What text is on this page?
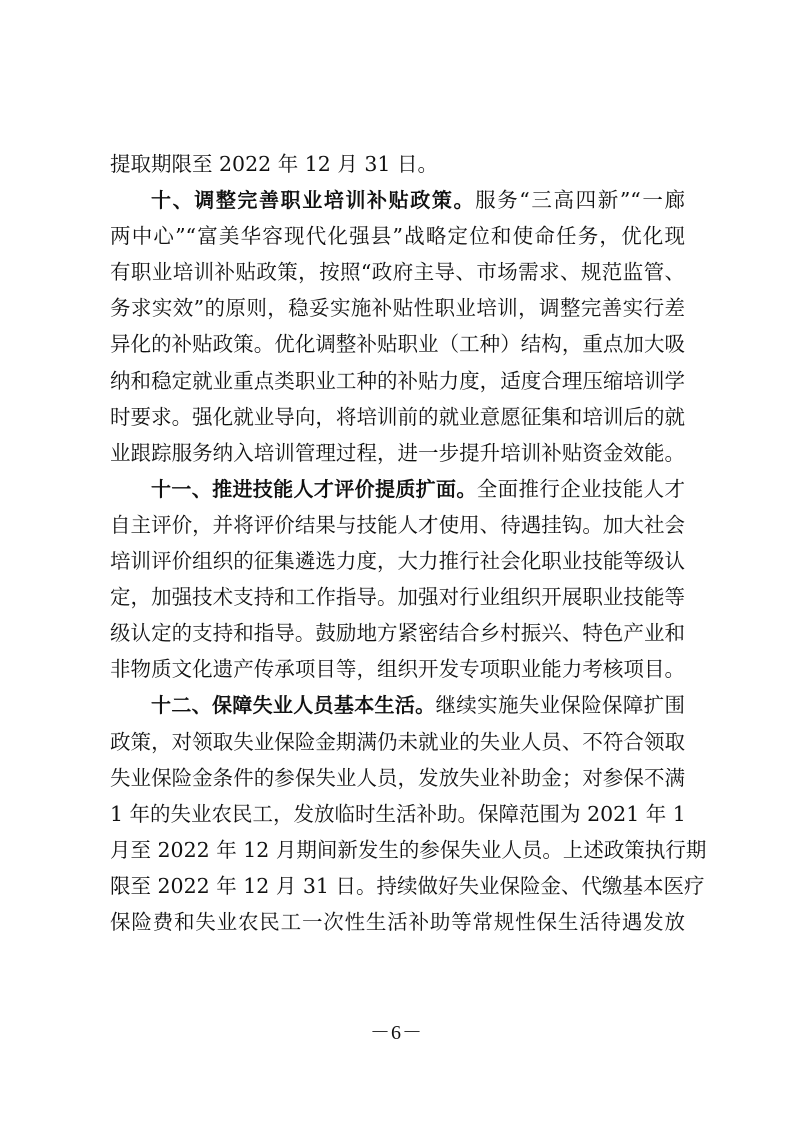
提取期限至 2022 年 12 月 31 日。
十、调整完善职业培训补贴政策。服务“三高四新”“一廊
两中心”“富美华容现代化强县”战略定位和使命任务，优化现
有职业培训补贴政策，按照“政府主导、市场需求、规范监管、
务求实效”的原则，稳妥实施补贴性职业培训，调整完善实行差
异化的补贴政策。优化调整补贴职业（工种）结构，重点加大吸
纳和稳定就业重点类职业工种的补贴力度，适度合理压缩培训学
时要求。强化就业导向，将培训前的就业意愿征集和培训后的就
业跟踪服务纳入培训管理过程，进一步提升培训补贴资金效能。
十一、推进技能人才评价提质扩面。全面推行企业技能人才
自主评价，并将评价结果与技能人才使用、待遇挂钩。加大社会
培训评价组织的征集遴选力度，大力推行社会化职业技能等级认
定，加强技术支持和工作指导。加强对行业组织开展职业技能等
级认定的支持和指导。鼓励地方紧密结合乡村振兴、特色产业和
非物质文化遗产传承项目等，组织开发专项职业能力考核项目。
十二、保障失业人员基本生活。继续实施失业保险保障扩围
政策，对领取失业保险金期满仍未就业的失业人员、不符合领取
失业保险金条件的参保失业人员，发放失业补助金；对参保不满
1 年的失业农民工，发放临时生活补助。保障范围为 2021 年 1
月至 2022 年 12 月期间新发生的参保失业人员。上述政策执行期
限至 2022 年 12 月 31 日。持续做好失业保险金、代缴基本医疗
保险费和失业农民工一次性生活补助等常规性保生活待遇发放
－6－
